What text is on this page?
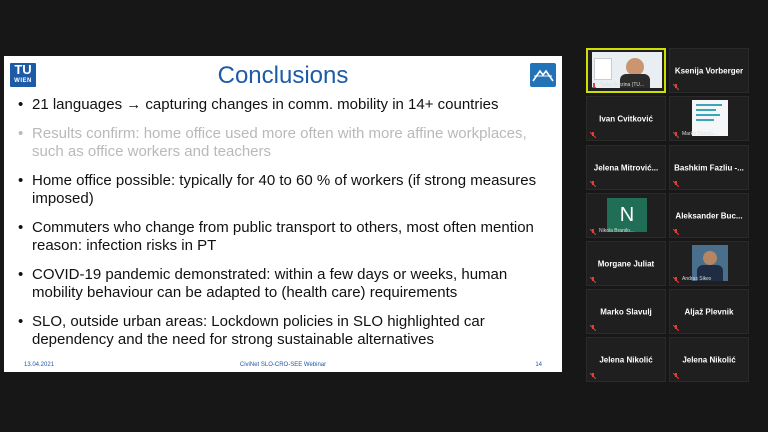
TU
WIEN	Conclusions
• 21 languages → capturing changes in comm. mobility in 14+ countries
• Results confirm: home office used more often with more affine workplaces, such as office workers and teachers
• Home office possible: typically for 40 to 60 % of workers (if strong measures imposed)
• Commuters who change from public transport to others, most often mention reason: infection risks in PT
• COVID-19 pandemic demonstrated: within a few days or weeks, human mobility behaviour can be adapted to (health care) requirements
• SLO, outside urban areas: Lockdown policies in SLO highlighted car dependency and the need for strong sustainable alternatives
13.04.2021	CiviNet SLO-CRO-SEE Webinar	14
Tadej Brezina (TU...
Ksenija Vorberger
Ivan Cvitković
Marko Stanča...
Jelena Mitrović...	Bashkim Fazliu -...
N
Nikola Branilo...
Aleksander Buc...
Morgane Juliat
Andras Sikes
Marko Slavulj	Aljaž Plevnik
Jelena Nikolić	Jelena Nikolić
